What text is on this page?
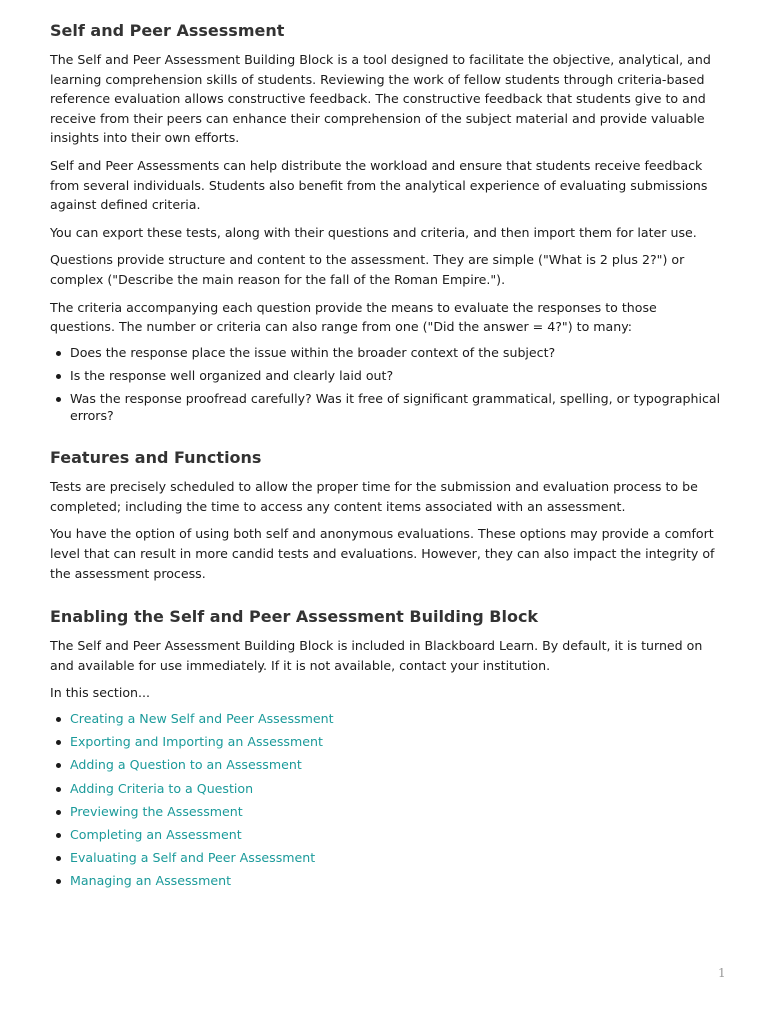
Self and Peer Assessment

The Self and Peer Assessment Building Block is a tool designed to facilitate the objective, analytical, and learning comprehension skills of students. Reviewing the work of fellow students through criteria-based reference evaluation allows constructive feedback. The constructive feedback that students give to and receive from their peers can enhance their comprehension of the subject material and provide valuable insights into their own efforts.

Self and Peer Assessments can help distribute the workload and ensure that students receive feedback from several individuals. Students also benefit from the analytical experience of evaluating submissions against defined criteria.

You can export these tests, along with their questions and criteria, and then import them for later use.

Questions provide structure and content to the assessment. They are simple ("What is 2 plus 2?") or complex ("Describe the main reason for the fall of the Roman Empire.").

The criteria accompanying each question provide the means to evaluate the responses to those questions. The number or criteria can also range from one ("Did the answer = 4?") to many:

Does the response place the issue within the broader context of the subject?
Is the response well organized and clearly laid out?
Was the response proofread carefully? Was it free of significant grammatical, spelling, or typographical errors?
Features and Functions

Tests are precisely scheduled to allow the proper time for the submission and evaluation process to be completed; including the time to access any content items associated with an assessment.

You have the option of using both self and anonymous evaluations. These options may provide a comfort level that can result in more candid tests and evaluations. However, they can also impact the integrity of the assessment process.

Enabling the Self and Peer Assessment Building Block

The Self and Peer Assessment Building Block is included in Blackboard Learn. By default, it is turned on and available for use immediately. If it is not available, contact your institution.

In this section...

Creating a New Self and Peer Assessment
Exporting and Importing an Assessment
Adding a Question to an Assessment
Adding Criteria to a Question
Previewing the Assessment
Completing an Assessment
Evaluating a Self and Peer Assessment
Managing an Assessment
1
